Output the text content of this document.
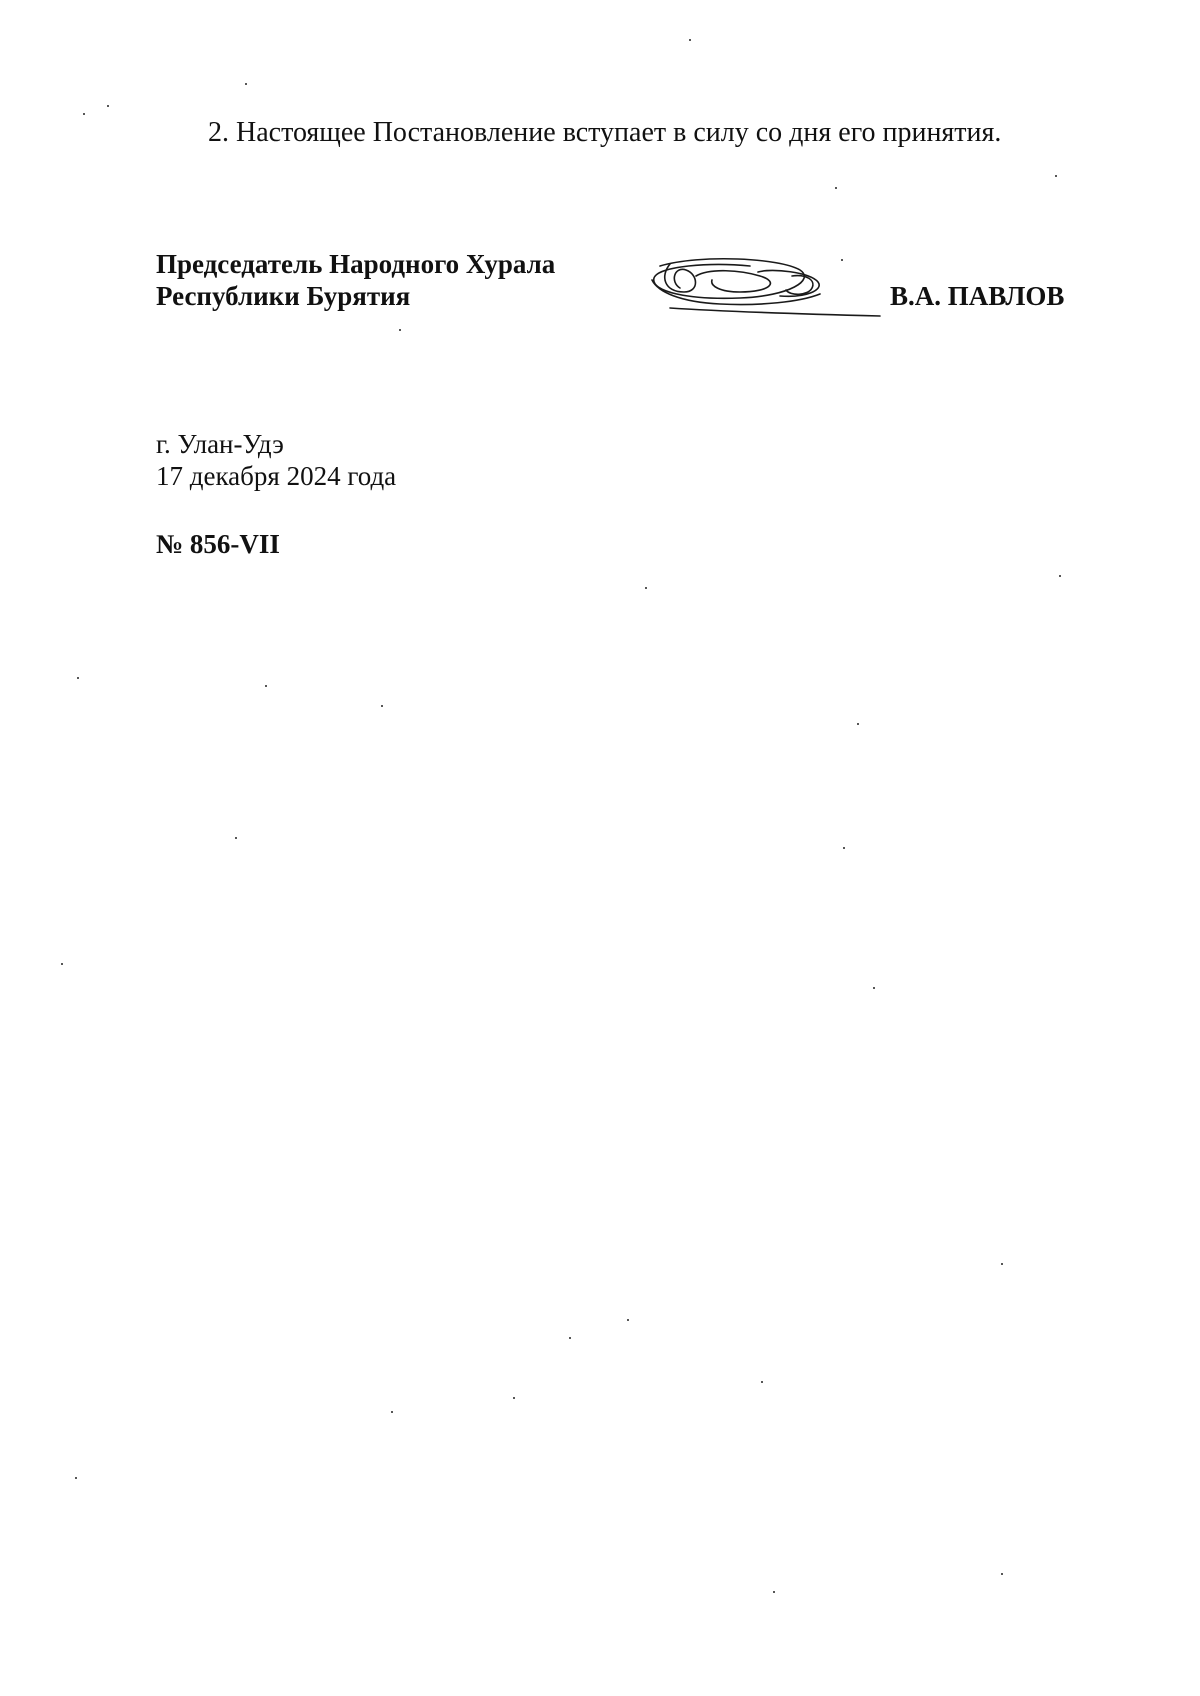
2. Настоящее Постановление вступает в силу со дня его принятия.

Председатель Народного Хурала
Республики Бурятия	В.А. ПАВЛОВ
г. Улан-Удэ
17 декабря 2024 года
№ 856-VII
